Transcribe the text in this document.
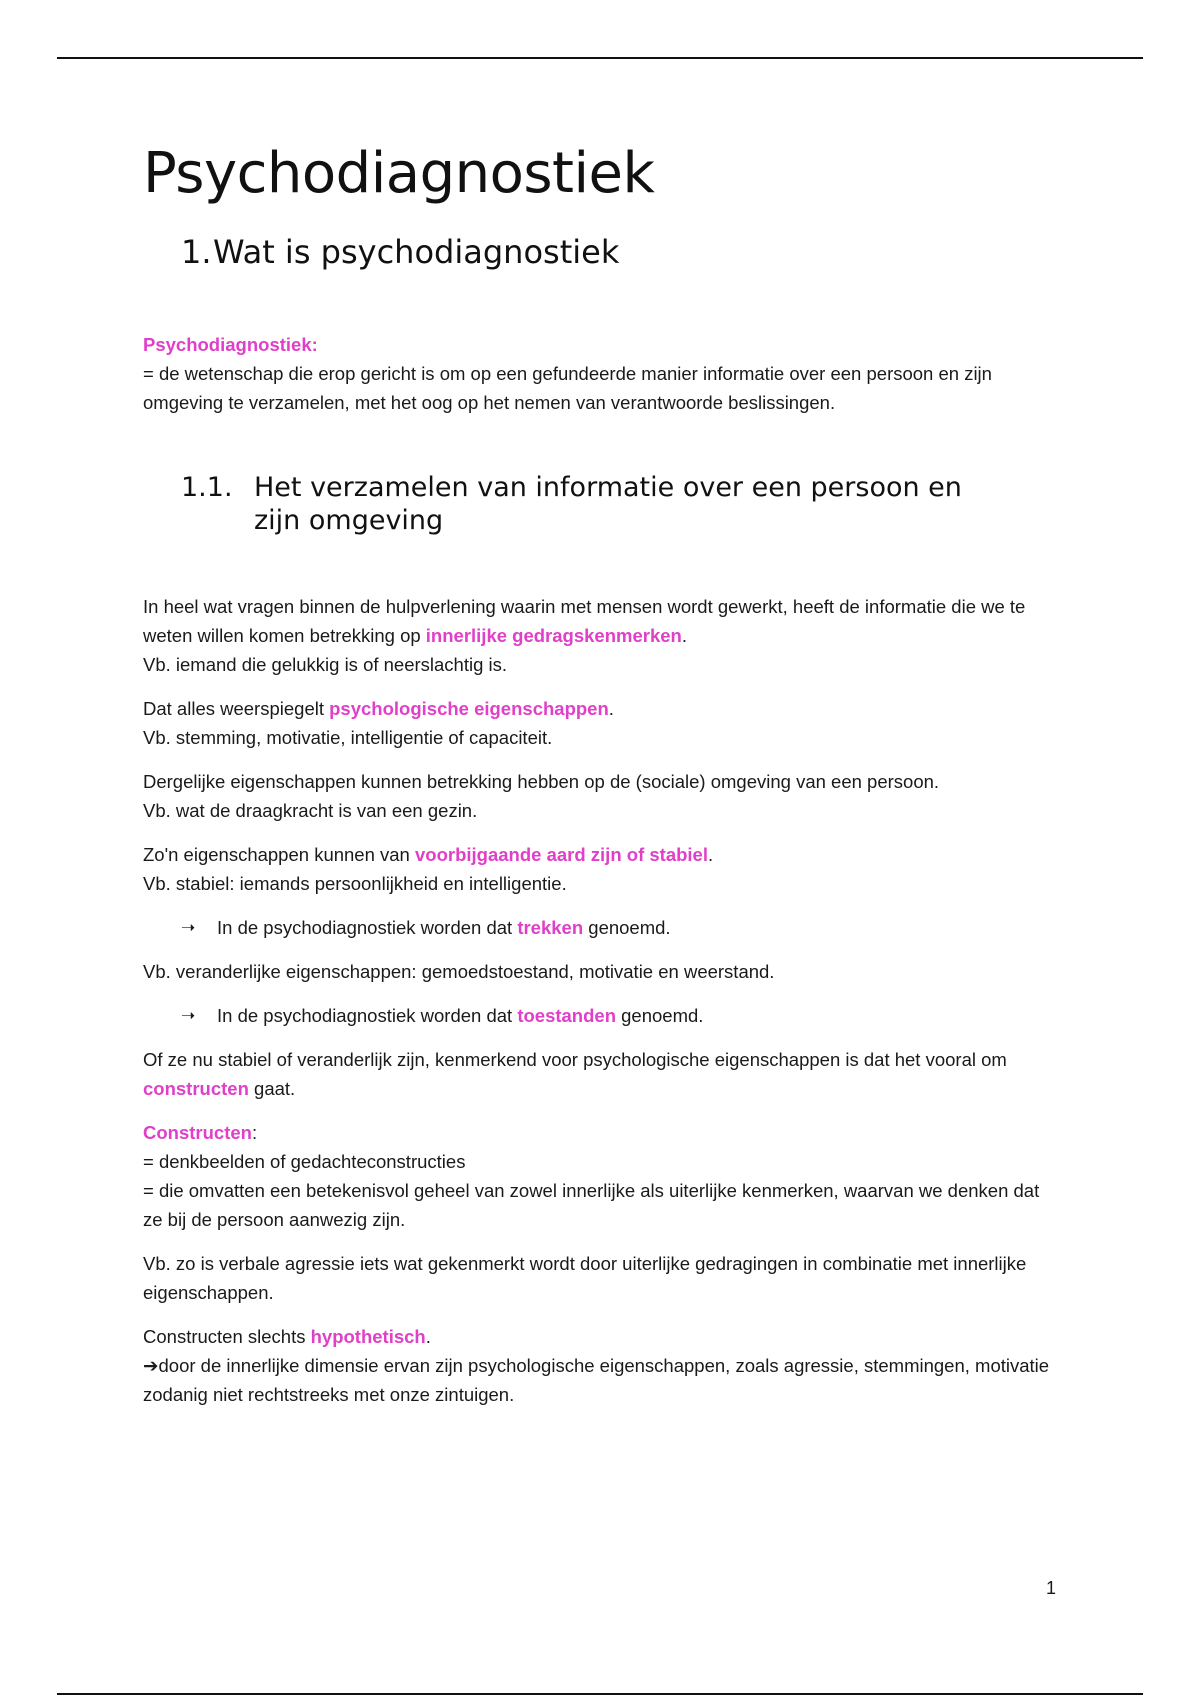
Psychodiagnostiek
1. Wat is psychodiagnostiek

Psychodiagnostiek:

= de wetenschap die erop gericht is om op een gefundeerde manier informatie over een persoon en zijn omgeving te verzamelen, met het oog op het nemen van verantwoorde beslissingen.

1.1. Het verzamelen van informatie over een persoon en zijn omgeving

In heel wat vragen binnen de hulpverlening waarin met mensen wordt gewerkt, heeft de informatie die we te weten willen komen betrekking op innerlijke gedragskenmerken.

Vb. iemand die gelukkig is of neerslachtig is.

Dat alles weerspiegelt psychologische eigenschappen.

Vb. stemming, motivatie, intelligentie of capaciteit.

Dergelijke eigenschappen kunnen betrekking hebben op de (sociale) omgeving van een persoon.

Vb. wat de draagkracht is van een gezin.

Zo'n eigenschappen kunnen van voorbijgaande aard zijn of stabiel.

Vb. stabiel: iemands persoonlijkheid en intelligentie.

➝	In de psychodiagnostiek worden dat trekken genoemd.

Vb. veranderlijke eigenschappen: gemoedstoestand, motivatie en weerstand.

➝	In de psychodiagnostiek worden dat toestanden genoemd.

Of ze nu stabiel of veranderlijk zijn, kenmerkend voor psychologische eigenschappen is dat het vooral om constructen gaat.

Constructen:

= denkbeelden of gedachteconstructies

= die omvatten een betekenisvol geheel van zowel innerlijke als uiterlijke kenmerken, waarvan we denken dat ze bij de persoon aanwezig zijn.

Vb. zo is verbale agressie iets wat gekenmerkt wordt door uiterlijke gedragingen in combinatie met innerlijke eigenschappen.

Constructen slechts hypothetisch.

➔door de innerlijke dimensie ervan zijn psychologische eigenschappen, zoals agressie, stemmingen, motivatie zodanig niet rechtstreeks met onze zintuigen.

1
